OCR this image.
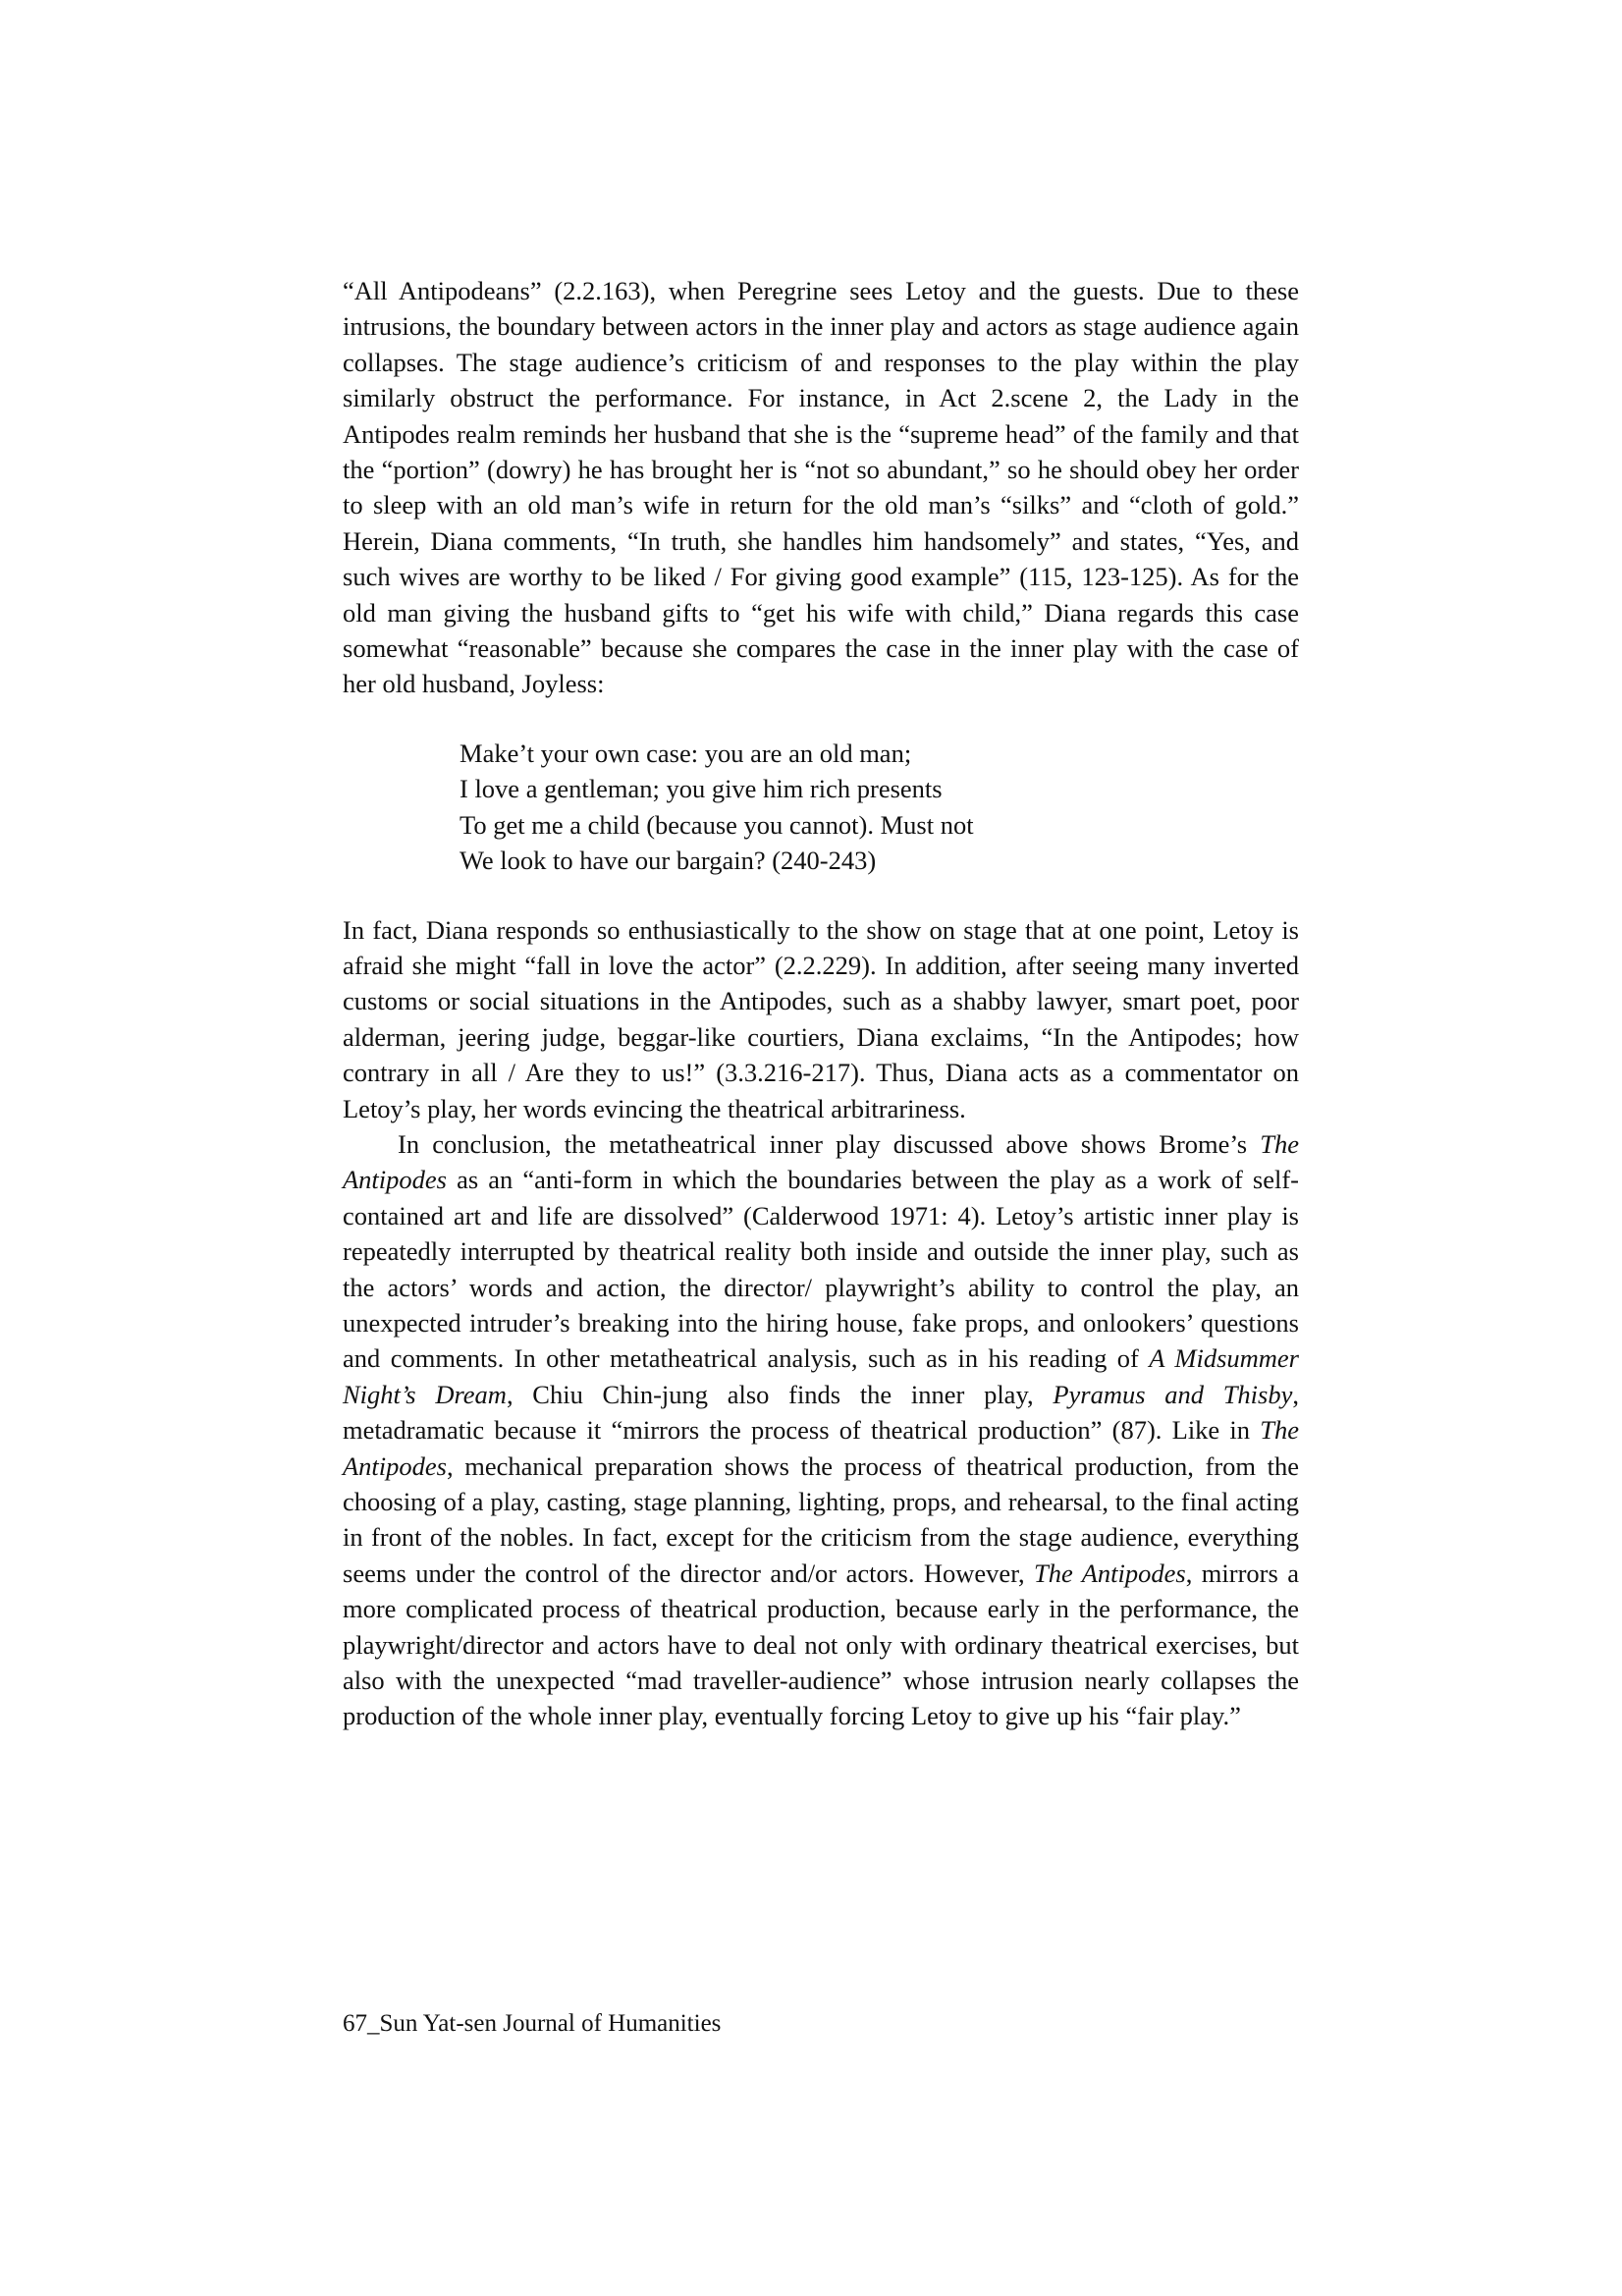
“All Antipodeans” (2.2.163), when Peregrine sees Letoy and the guests. Due to these intrusions, the boundary between actors in the inner play and actors as stage audience again collapses. The stage audience’s criticism of and responses to the play within the play similarly obstruct the performance. For instance, in Act 2.scene 2, the Lady in the Antipodes realm reminds her husband that she is the “supreme head” of the family and that the “portion” (dowry) he has brought her is “not so abundant,” so he should obey her order to sleep with an old man’s wife in return for the old man’s “silks” and “cloth of gold.” Herein, Diana comments, “In truth, she handles him handsomely” and states, “Yes, and such wives are worthy to be liked / For giving good example” (115, 123-125). As for the old man giving the husband gifts to “get his wife with child,” Diana regards this case somewhat “reasonable” because she compares the case in the inner play with the case of her old husband, Joyless:

Make’t your own case: you are an old man;
I love a gentleman; you give him rich presents
To get me a child (because you cannot). Must not
We look to have our bargain? (240-243)

In fact, Diana responds so enthusiastically to the show on stage that at one point, Letoy is afraid she might “fall in love the actor” (2.2.229). In addition, after seeing many inverted customs or social situations in the Antipodes, such as a shabby lawyer, smart poet, poor alderman, jeering judge, beggar-like courtiers, Diana exclaims, “In the Antipodes; how contrary in all / Are they to us!” (3.3.216-217). Thus, Diana acts as a commentator on Letoy’s play, her words evincing the theatrical arbitrariness.

In conclusion, the metatheatrical inner play discussed above shows Brome’s The Antipodes as an “anti-form in which the boundaries between the play as a work of self-contained art and life are dissolved” (Calderwood 1971: 4). Letoy’s artistic inner play is repeatedly interrupted by theatrical reality both inside and outside the inner play, such as the actors’ words and action, the director/ playwright’s ability to control the play, an unexpected intruder’s breaking into the hiring house, fake props, and onlookers’ questions and comments. In other metatheatrical analysis, such as in his reading of A Midsummer Night’s Dream, Chiu Chin-jung also finds the inner play, Pyramus and Thisby, metadramatic because it “mirrors the process of theatrical production” (87). Like in The Antipodes, mechanical preparation shows the process of theatrical production, from the choosing of a play, casting, stage planning, lighting, props, and rehearsal, to the final acting in front of the nobles. In fact, except for the criticism from the stage audience, everything seems under the control of the director and/or actors. However, The Antipodes, mirrors a more complicated process of theatrical production, because early in the performance, the playwright/director and actors have to deal not only with ordinary theatrical exercises, but also with the unexpected “mad traveller-audience” whose intrusion nearly collapses the production of the whole inner play, eventually forcing Letoy to give up his “fair play.”

67_Sun Yat-sen Journal of Humanities
